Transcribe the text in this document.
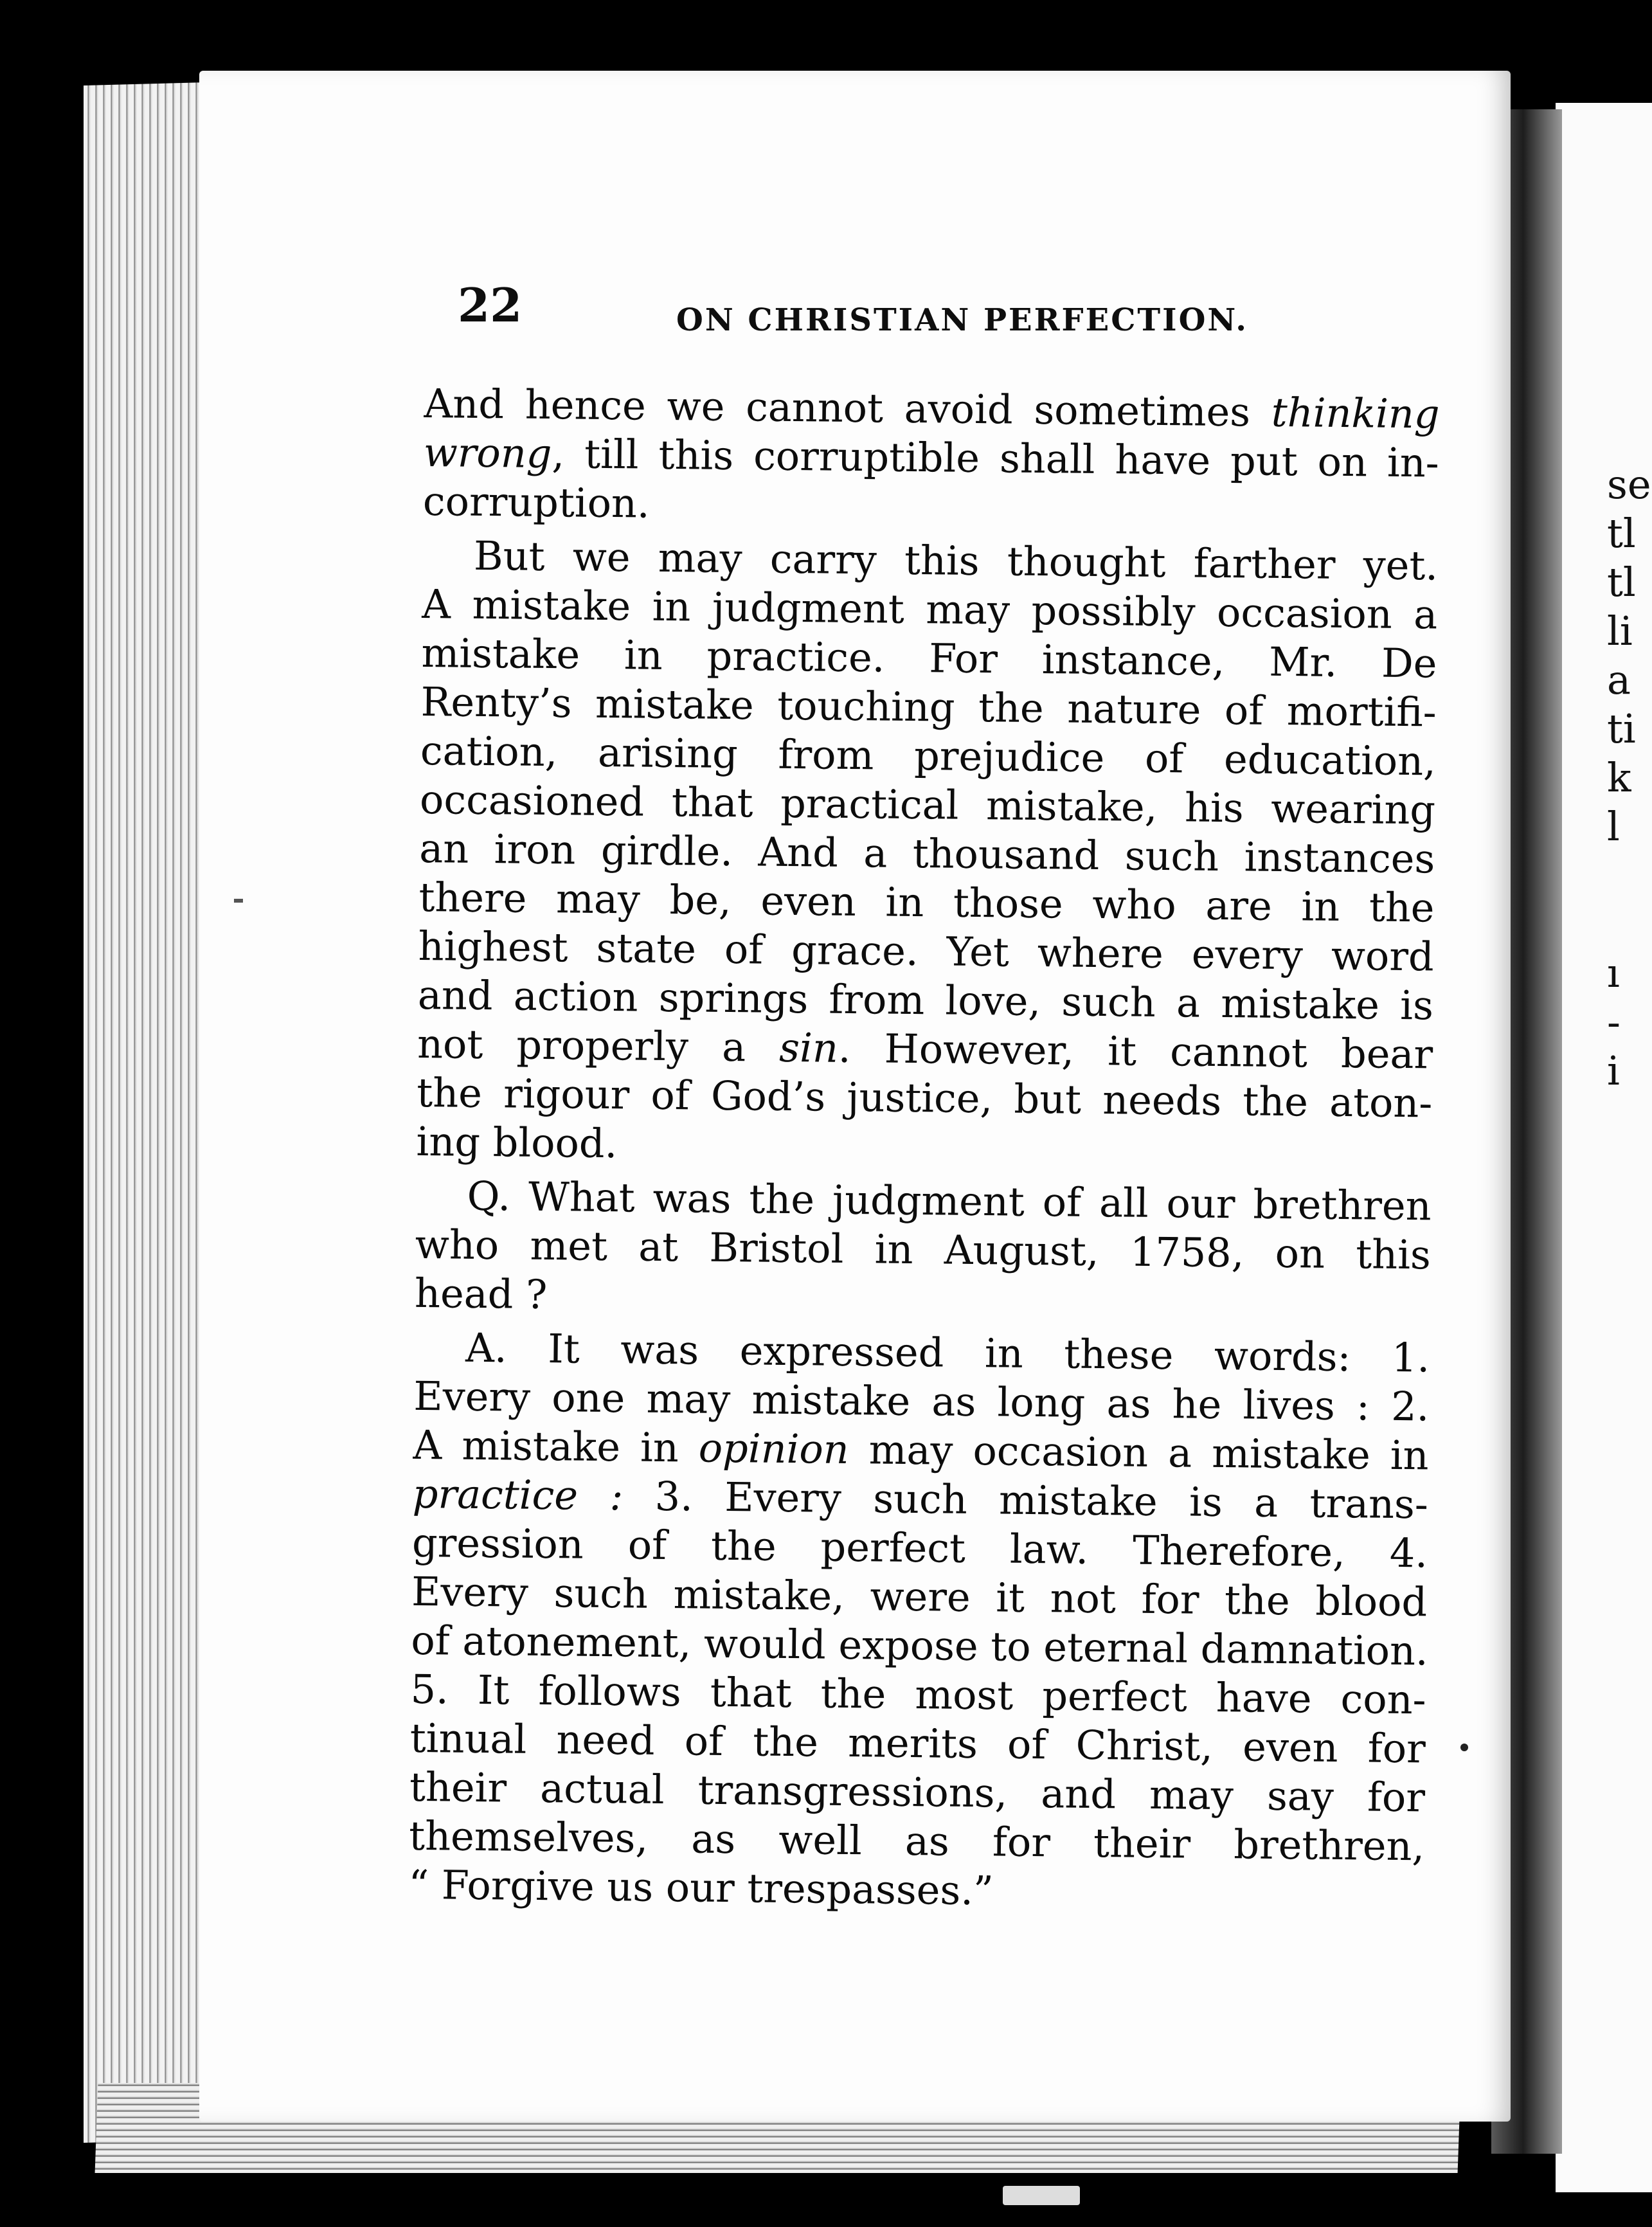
se
tl
tl
li
a
ti
k
l
ı
-
i
22	ON CHRISTIAN PERFECTION.
And hence we cannot avoid sometimes thinking
wrong, till this corruptible shall have put on in-
corruption.
But we may carry this thought farther yet.
A mistake in judgment may possibly occasion a
mistake in practice. For instance, Mr. De
Renty’s mistake touching the nature of mortifi-
cation, arising from prejudice of education,
occasioned that practical mistake, his wearing
an iron girdle. And a thousand such instances
there may be, even in those who are in the
highest state of grace. Yet where every word
and action springs from love, such a mistake is
not properly a sin. However, it cannot bear
the rigour of God’s justice, but needs the aton-
ing blood.
Q. What was the judgment of all our brethren
who met at Bristol in August, 1758, on this
head ?
A. It was expressed in these words: 1.
Every one may mistake as long as he lives : 2.
A mistake in opinion may occasion a mistake in
practice : 3. Every such mistake is a trans-
gression of the perfect law. Therefore, 4.
Every such mistake, were it not for the blood
of atonement, would expose to eternal damnation.
5. It follows that the most perfect have con-
tinual need of the merits of Christ, even for
their actual transgressions, and may say for
themselves, as well as for their brethren,
“ Forgive us our trespasses.”
